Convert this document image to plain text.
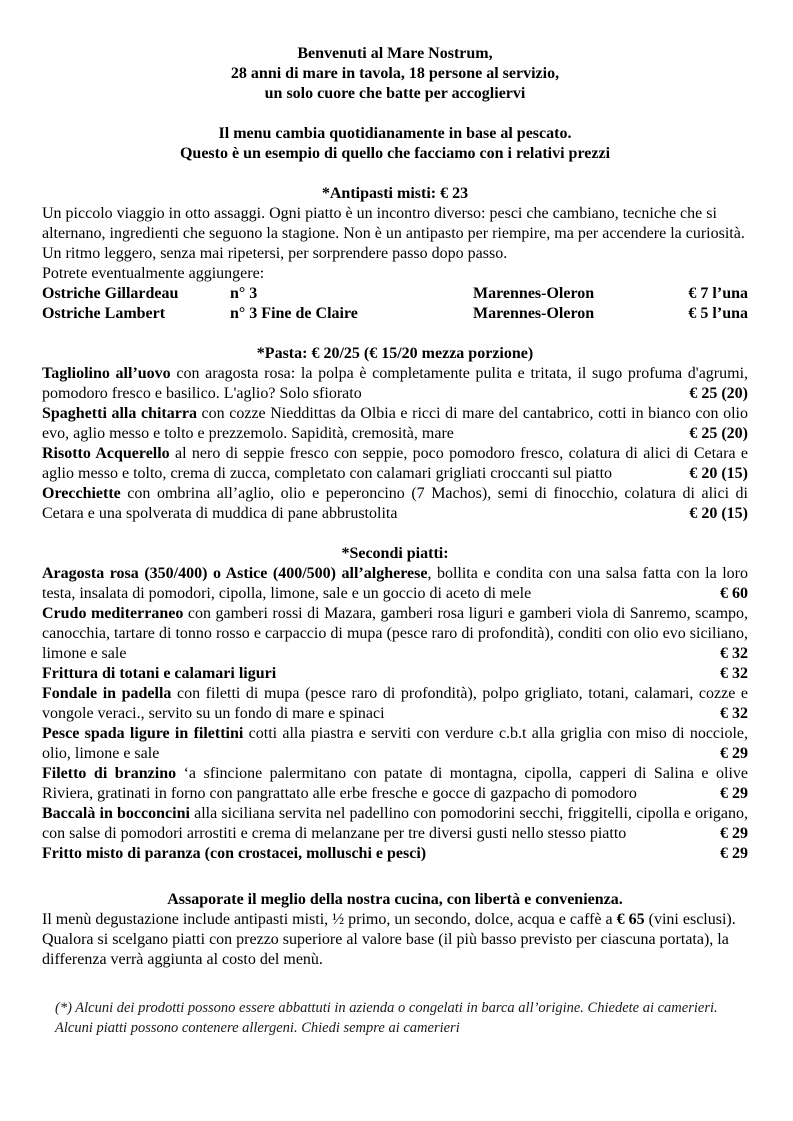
Benvenuti al Mare Nostrum,
28 anni di mare in tavola, 18 persone al servizio,
un solo cuore che batte per accogliervi
Il menu cambia quotidianamente in base al pescato.
Questo è un esempio di quello che facciamo con i relativi prezzi
*Antipasti misti: € 23
Un piccolo viaggio in otto assaggi. Ogni piatto è un incontro diverso: pesci che cambiano, tecniche che si alternano, ingredienti che seguono la stagione. Non è un antipasto per riempire, ma per accendere la curiosità. Un ritmo leggero, senza mai ripetersi, per sorprendere passo dopo passo.
Potrete eventualmente aggiungere:
Ostriche Gillardeau	n° 3	Marennes-Oleron	€ 7 l’una
Ostriche Lambert	n° 3 Fine de Claire	Marennes-Oleron	€ 5 l’una
*Pasta: € 20/25 (€ 15/20 mezza porzione)

Tagliolino all’uovo con aragosta rosa: la polpa è completamente pulita e tritata, il sugo profuma d'agrumi, pomodoro fresco e basilico. L'aglio? Solo sfiorato	€ 25 (20)

Spaghetti alla chitarra con cozze Nieddittas da Olbia e ricci di mare del cantabrico, cotti in bianco con olio evo, aglio messo e tolto e prezzemolo. Sapidità, cremosità, mare	€ 25 (20)

Risotto Acquerello al nero di seppie fresco con seppie, poco pomodoro fresco, colatura di alici di Cetara e aglio messo e tolto, crema di zucca, completato con calamari grigliati croccanti sul piatto	€ 20 (15)

Orecchiette con ombrina all’aglio, olio e peperoncino (7 Machos), semi di finocchio, colatura di alici di Cetara e una spolverata di muddica di pane abbrustolita	€ 20 (15)

*Secondi piatti:

Aragosta rosa (350/400) o Astice (400/500) all’algherese, bollita e condita con una salsa fatta con la loro testa, insalata di pomodori, cipolla, limone, sale e un goccio di aceto di mele	€ 60

Crudo mediterraneo con gamberi rossi di Mazara, gamberi rosa liguri e gamberi viola di Sanremo, scampo, canocchia, tartare di tonno rosso e carpaccio di mupa (pesce raro di profondità), conditi con olio evo siciliano, limone e sale	€ 32

Frittura di totani e calamari liguri	€ 32

Fondale in padella con filetti di mupa (pesce raro di profondità), polpo grigliato, totani, calamari, cozze e vongole veraci., servito su un fondo di mare e spinaci	€ 32

Pesce spada ligure in filettini cotti alla piastra e serviti con verdure c.b.t alla griglia con miso di nocciole, olio, limone e sale	€ 29

Filetto di branzino ‘a sfincione palermitano con patate di montagna, cipolla, capperi di Salina e olive Riviera, gratinati in forno con pangrattato alle erbe fresche e gocce di gazpacho di pomodoro	€ 29

Baccalà in bocconcini alla siciliana servita nel padellino con pomodorini secchi, friggitelli, cipolla e origano, con salse di pomodori arrostiti e crema di melanzane per tre diversi gusti nello stesso piatto	€ 29

Fritto misto di paranza (con crostacei, molluschi e pesci)	€ 29

Assaporate il meglio della nostra cucina, con libertà e convenienza.

Il menù degustazione include antipasti misti, ½ primo, un secondo, dolce, acqua e caffè a € 65 (vini esclusi). Qualora si scelgano piatti con prezzo superiore al valore base (il più basso previsto per ciascuna portata), la differenza verrà aggiunta al costo del menù.

(*) Alcuni dei prodotti possono essere abbattuti in azienda o congelati in barca all’origine. Chiedete ai camerieri. Alcuni piatti possono contenere allergeni. Chiedi sempre ai camerieri
